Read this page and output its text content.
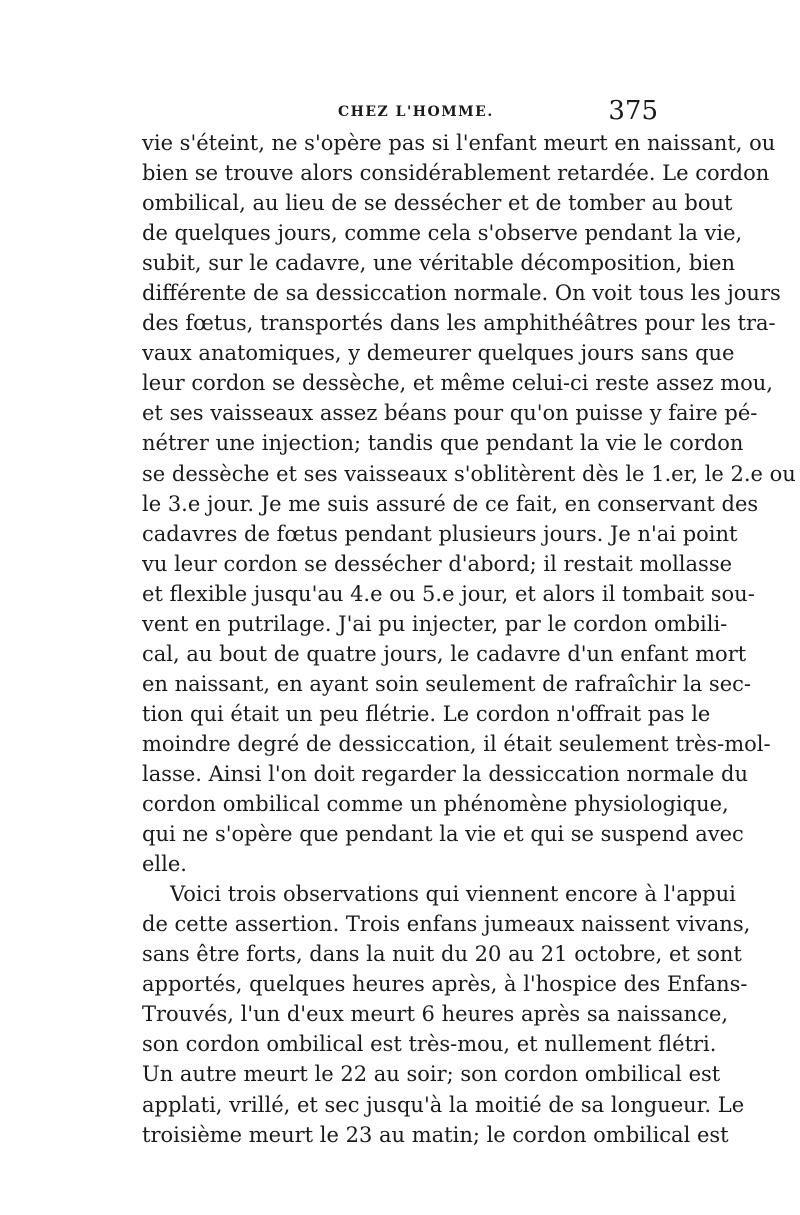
CHEZ L'HOMME.	375
vie s'éteint, ne s'opère pas si l'enfant meurt en naissant, ou
bien se trouve alors considérablement retardée. Le cordon
ombilical, au lieu de se dessécher et de tomber au bout
de quelques jours, comme cela s'observe pendant la vie,
subit, sur le cadavre, une véritable décomposition, bien
différente de sa dessiccation normale. On voit tous les jours
des fœtus, transportés dans les amphithéâtres pour les tra-
vaux anatomiques, y demeurer quelques jours sans que
leur cordon se dessèche, et même celui-ci reste assez mou,
et ses vaisseaux assez béans pour qu'on puisse y faire pé-
nétrer une injection; tandis que pendant la vie le cordon
se dessèche et ses vaisseaux s'oblitèrent dès le 1.er, le 2.e ou
le 3.e jour. Je me suis assuré de ce fait, en conservant des
cadavres de fœtus pendant plusieurs jours. Je n'ai point
vu leur cordon se dessécher d'abord; il restait mollasse
et flexible jusqu'au 4.e ou 5.e jour, et alors il tombait sou-
vent en putrilage. J'ai pu injecter, par le cordon ombili-
cal, au bout de quatre jours, le cadavre d'un enfant mort
en naissant, en ayant soin seulement de rafraîchir la sec-
tion qui était un peu flétrie. Le cordon n'offrait pas le
moindre degré de dessiccation, il était seulement très-mol-
lasse. Ainsi l'on doit regarder la dessiccation normale du
cordon ombilical comme un phénomène physiologique,
qui ne s'opère que pendant la vie et qui se suspend avec
elle.
Voici trois observations qui viennent encore à l'appui
de cette assertion. Trois enfans jumeaux naissent vivans,
sans être forts, dans la nuit du 20 au 21 octobre, et sont
apportés, quelques heures après, à l'hospice des Enfans-
Trouvés, l'un d'eux meurt 6 heures après sa naissance,
son cordon ombilical est très-mou, et nullement flétri.
Un autre meurt le 22 au soir; son cordon ombilical est
applati, vrillé, et sec jusqu'à la moitié de sa longueur. Le
troisième meurt le 23 au matin; le cordon ombilical est
